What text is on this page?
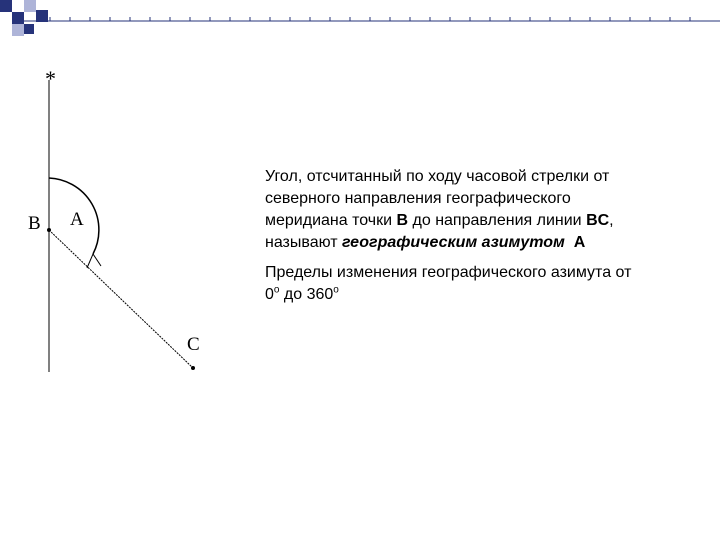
*
B A
C

Угол, отсчитанный по ходу часовой стрелки от
северного направления географического
меридиана точки B до направления линии BC,
называют географическим азимутом A

Пределы изменения географического азимута от
0$^o$ до 360$^o$
